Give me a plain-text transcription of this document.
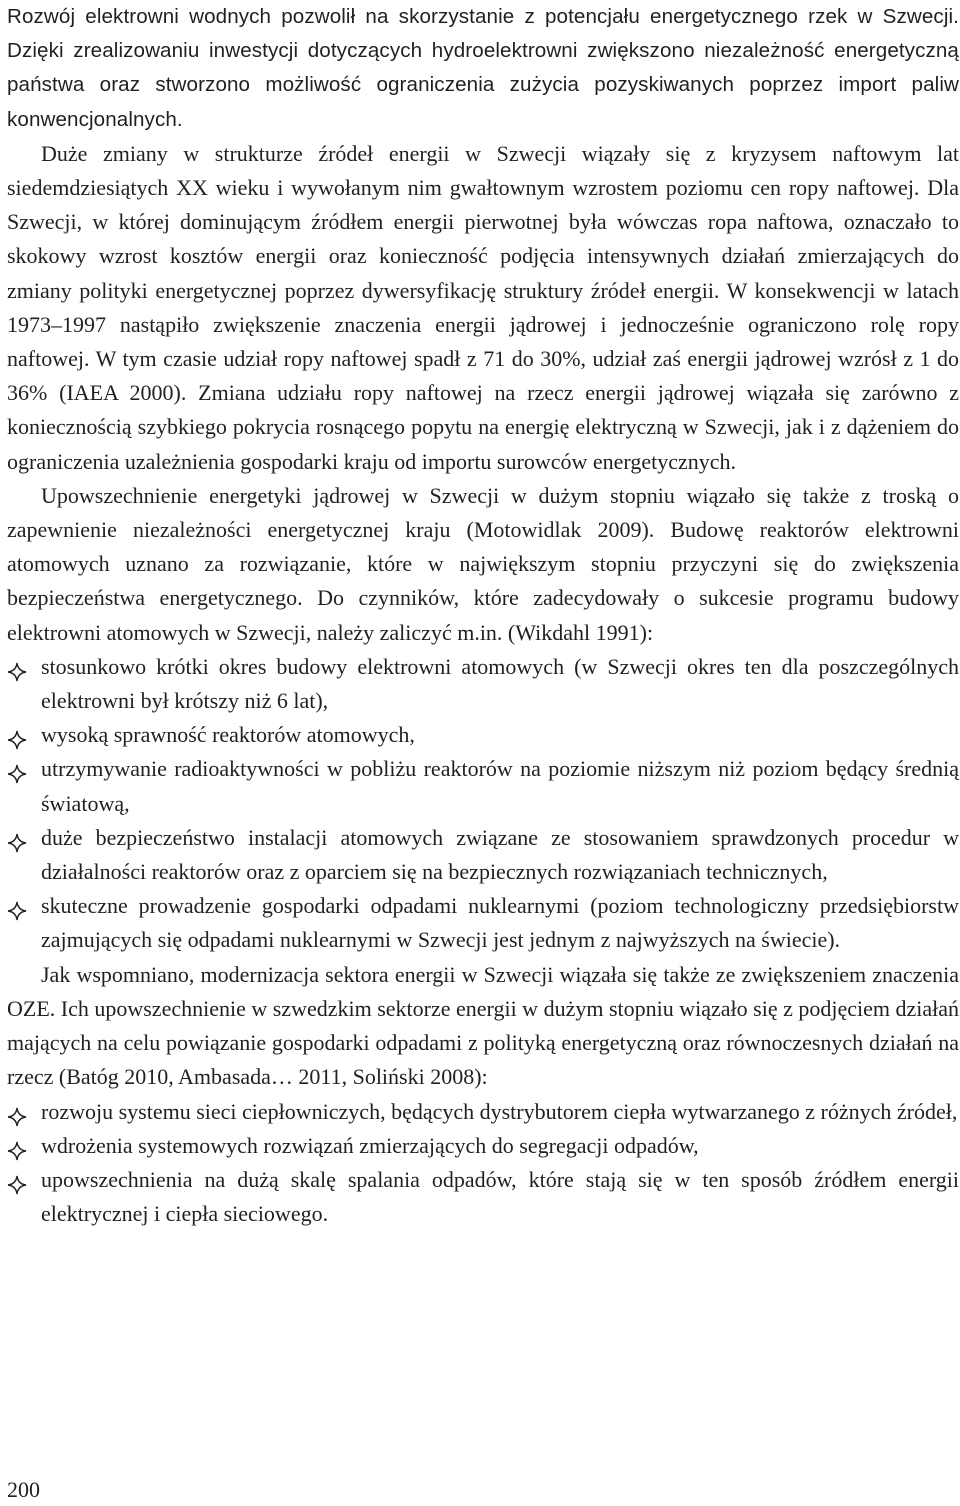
Rozwój elektrowni wodnych pozwolił na skorzystanie z potencjału energetycznego rzek w Szwecji. Dzięki zrealizowaniu inwestycji dotyczących hydroelektrowni zwiększono niezależność energetyczną państwa oraz stworzono możliwość ograniczenia zużycia pozyskiwanych poprzez import paliw konwencjonalnych.

Duże zmiany w strukturze źródeł energii w Szwecji wiązały się z kryzysem naftowym lat siedemdziesiątych XX wieku i wywołanym nim gwałtownym wzrostem poziomu cen ropy naftowej. Dla Szwecji, w której dominującym źródłem energii pierwotnej była wówczas ropa naftowa, oznaczało to skokowy wzrost kosztów energii oraz konieczność podjęcia intensywnych działań zmierzających do zmiany polityki energetycznej poprzez dywersyfikację struktury źródeł energii. W konsekwencji w latach 1973–1997 nastąpiło zwiększenie znaczenia energii jądrowej i jednocześnie ograniczono rolę ropy naftowej. W tym czasie udział ropy naftowej spadł z 71 do 30%, udział zaś energii jądrowej wzrósł z 1 do 36% (IAEA 2000). Zmiana udziału ropy naftowej na rzecz energii jądrowej wiązała się zarówno z koniecznością szybkiego pokrycia rosnącego popytu na energię elektryczną w Szwecji, jak i z dążeniem do ograniczenia uzależnienia gospodarki kraju od importu surowców energetycznych.

Upowszechnienie energetyki jądrowej w Szwecji w dużym stopniu wiązało się także z troską o zapewnienie niezależności energetycznej kraju (Motowidlak 2009). Budowę reaktorów elektrowni atomowych uznano za rozwiązanie, które w największym stopniu przyczyni się do zwiększenia bezpieczeństwa energetycznego. Do czynników, które zadecydowały o sukcesie programu budowy elektrowni atomowych w Szwecji, należy zaliczyć m.in. (Wikdahl 1991):

stosunkowo krótki okres budowy elektrowni atomowych (w Szwecji okres ten dla poszczególnych elektrowni był krótszy niż 6 lat),
wysoką sprawność reaktorów atomowych,
utrzymywanie radioaktywności w pobliżu reaktorów na poziomie niższym niż poziom będący średnią światową,
duże bezpieczeństwo instalacji atomowych związane ze stosowaniem sprawdzonych procedur w działalności reaktorów oraz z oparciem się na bezpiecznych rozwiązaniach technicznych,
skuteczne prowadzenie gospodarki odpadami nuklearnymi (poziom technologiczny przedsiębiorstw zajmujących się odpadami nuklearnymi w Szwecji jest jednym z najwyższych na świecie).

Jak wspomniano, modernizacja sektora energii w Szwecji wiązała się także ze zwiększeniem znaczenia OZE. Ich upowszechnienie w szwedzkim sektorze energii w dużym stopniu wiązało się z podjęciem działań mających na celu powiązanie gospodarki odpadami z polityką energetyczną oraz równoczesnych działań na rzecz (Batóg 2010, Ambasada… 2011, Soliński 2008):

rozwoju systemu sieci ciepłowniczych, będących dystrybutorem ciepła wytwarzanego z różnych źródeł,
wdrożenia systemowych rozwiązań zmierzających do segregacji odpadów,
upowszechnienia na dużą skalę spalania odpadów, które stają się w ten sposób źródłem energii elektrycznej i ciepła sieciowego.
200
